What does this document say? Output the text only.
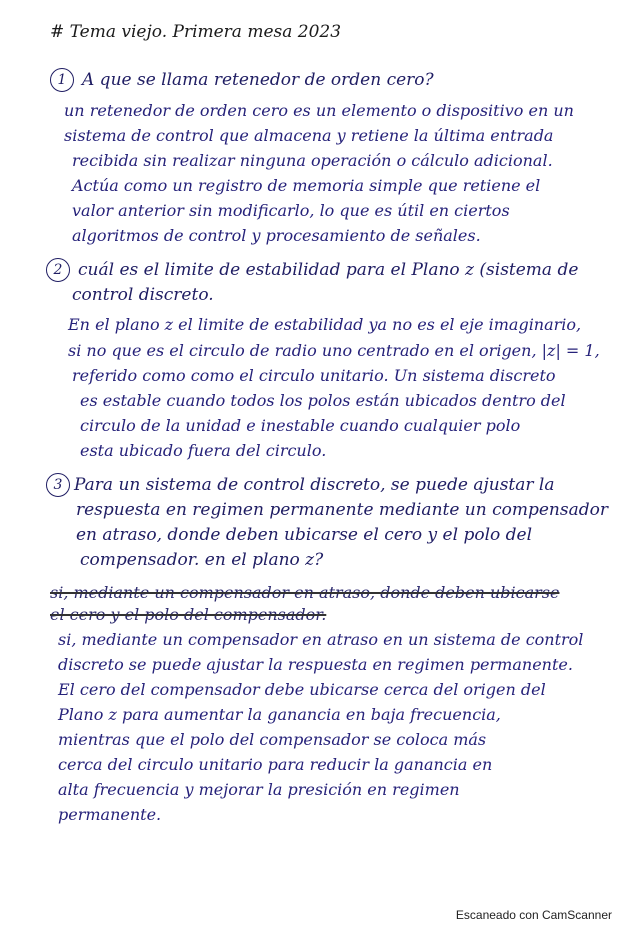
# Tema viejo. Primera mesa 2023
1 A que se llama retenedor de orden cero?
un retenedor de orden cero es un elemento o dispositivo en un
sistema de control que almacena y retiene la última entrada
recibida sin realizar ninguna operación o cálculo adicional.
Actúa como un registro de memoria simple que retiene el
valor anterior sin modificarlo, lo que es útil en ciertos
algoritmos de control y procesamiento de señales.
2 cuál es el limite de estabilidad para el Plano z (sistema de
control discreto.
En el plano z el limite de estabilidad ya no es el eje imaginario,
si no que es el circulo de radio uno centrado en el origen, |z| = 1,
referido como como el circulo unitario. Un sistema discreto
es estable cuando todos los polos están ubicados dentro del
circulo de la unidad e inestable cuando cualquier polo
esta ubicado fuera del circulo.
3 Para un sistema de control discreto, se puede ajustar la
respuesta en regimen permanente mediante un compensador
en atraso, donde deben ubicarse el cero y el polo del
compensador. en el plano z?
si, mediante un compensador en atraso, donde deben ubicarse
el cero y el polo del compensador.
si, mediante un compensador en atraso en un sistema de control
discreto se puede ajustar la respuesta en regimen permanente.
El cero del compensador debe ubicarse cerca del origen del
Plano z para aumentar la ganancia en baja frecuencia,
mientras que el polo del compensador se coloca más
cerca del circulo unitario para reducir la ganancia en
alta frecuencia y mejorar la presición en regimen
permanente.
Escaneado con CamScanner
